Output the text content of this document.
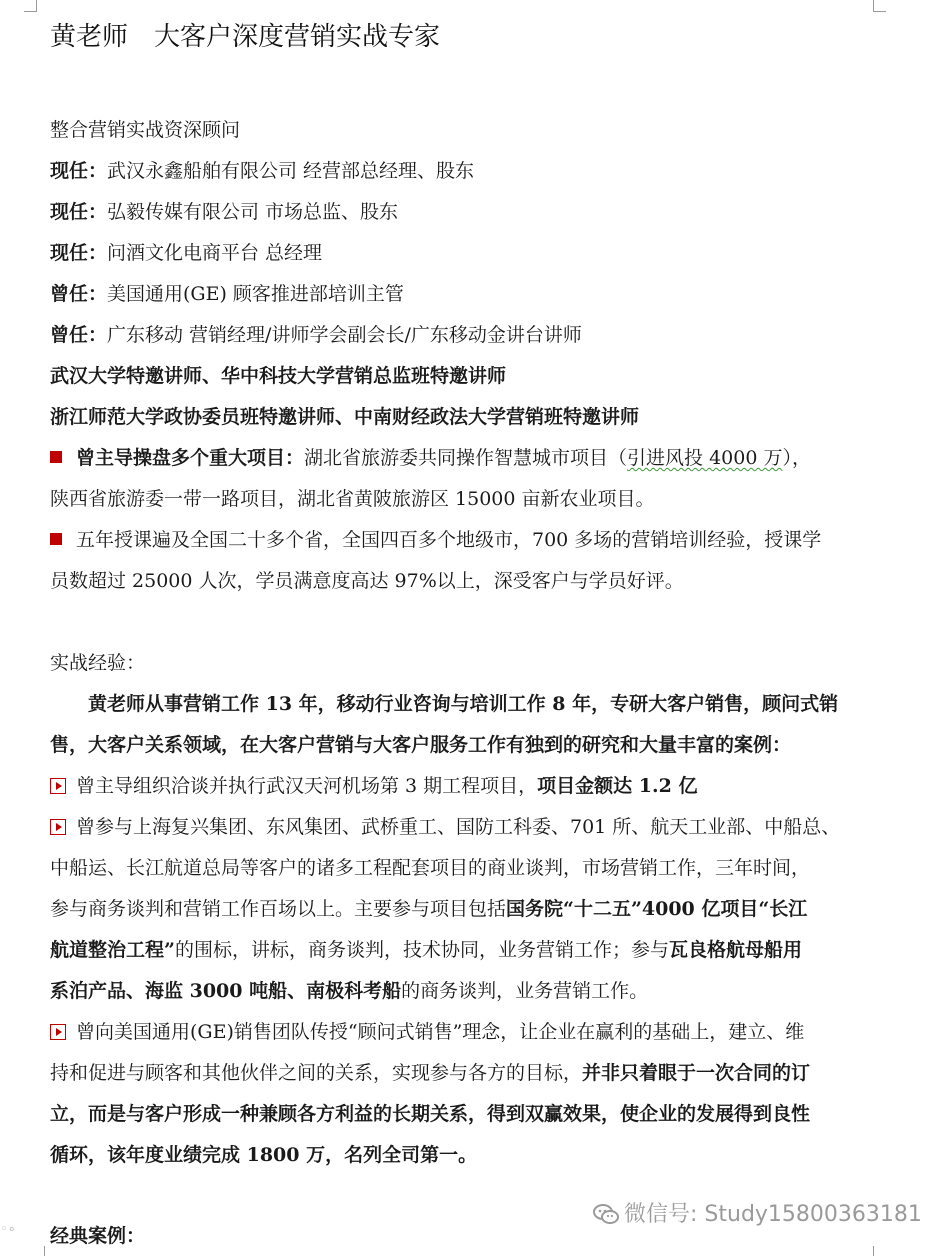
黄老师 大客户深度营销实战专家
整合营销实战资深顾问
现任：武汉永鑫船舶有限公司 经营部总经理、股东
现任：弘毅传媒有限公司 市场总监、股东
现任：问酒文化电商平台 总经理
曾任：美国通用(GE) 顾客推进部培训主管
曾任：广东移动 营销经理/讲师学会副会长/广东移动金讲台讲师
武汉大学特邀讲师、华中科技大学营销总监班特邀讲师
浙江师范大学政协委员班特邀讲师、中南财经政法大学营销班特邀讲师
曾主导操盘多个重大项目：湖北省旅游委共同操作智慧城市项目（引进风投 4000 万），
陕西省旅游委一带一路项目，湖北省黄陂旅游区 15000 亩新农业项目。
五年授课遍及全国二十多个省，全国四百多个地级市，700 多场的营销培训经验，授课学
员数超过 25000 人次，学员满意度高达 97%以上，深受客户与学员好评。
实战经验：
黄老师从事营销工作 13 年，移动行业咨询与培训工作 8 年，专研大客户销售，顾问式销
售，大客户关系领域，在大客户营销与大客户服务工作有独到的研究和大量丰富的案例：
曾主导组织洽谈并执行武汉天河机场第 3 期工程项目，项目金额达 1.2 亿
曾参与上海复兴集团、东风集团、武桥重工、国防工科委、701 所、航天工业部、中船总、
中船运、长江航道总局等客户的诸多工程配套项目的商业谈判，市场营销工作，三年时间，
参与商务谈判和营销工作百场以上。主要参与项目包括国务院“十二五”4000 亿项目“长江
航道整治工程”的围标，讲标，商务谈判，技术协同，业务营销工作；参与瓦良格航母船用
系泊产品、海监 3000 吨船、南极科考船的商务谈判，业务营销工作。
曾向美国通用(GE)销售团队传授“顾问式销售”理念，让企业在赢利的基础上，建立、维
持和促进与顾客和其他伙伴之间的关系，实现参与各方的目标，并非只着眼于一次合同的订
立，而是与客户形成一种兼顾各方利益的长期关系，得到双赢效果，使企业的发展得到良性
循环，该年度业绩完成 1800 万，名列全司第一。
经典案例：
微信号: Study15800363181
◦∘
